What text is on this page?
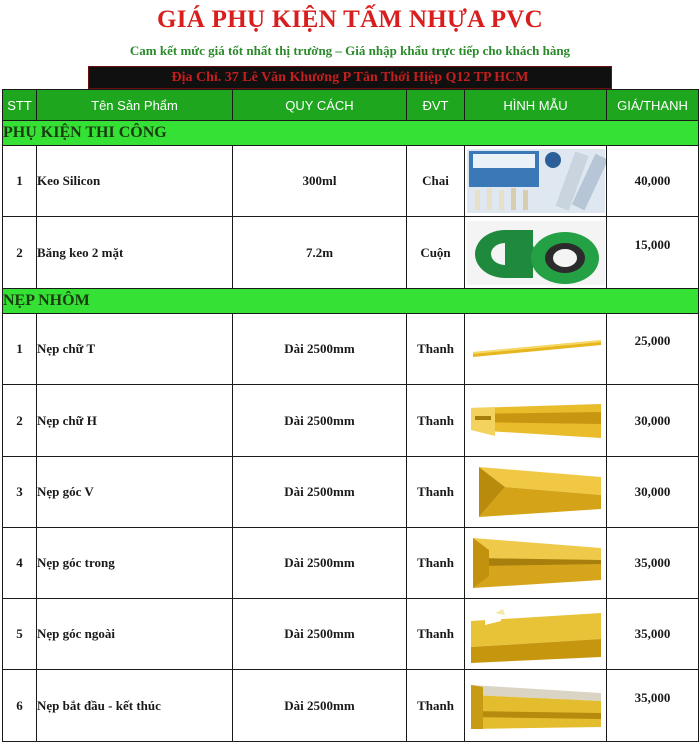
GIÁ PHỤ KIỆN TẤM NHỰA PVC
Cam kết mức giá tốt nhất thị trường – Giá nhập khẩu trực tiếp cho khách hàng
Địa Chỉ. 37 Lê Văn Khương P Tân Thới Hiệp Q12 TP HCM
STT	Tên Sản Phẩm	QUY CÁCH	ĐVT	HÌNH MẪU	GIÁ/THANH
PHỤ KIỆN THI CÔNG					
1	Keo Silicon	300ml	Chai		40,000
2	Băng keo 2 mặt	7.2m	Cuộn		15,000
NẸP NHÔM					
1	Nẹp chữ T	Dài 2500mm	Thanh		25,000
2	Nẹp chữ H	Dài 2500mm	Thanh		30,000
3	Nẹp góc V	Dài 2500mm	Thanh		30,000
4	Nẹp góc trong	Dài 2500mm	Thanh		35,000
5	Nẹp góc ngoài	Dài 2500mm	Thanh		35,000
6	Nẹp bắt đầu - kết thúc	Dài 2500mm	Thanh		35,000
